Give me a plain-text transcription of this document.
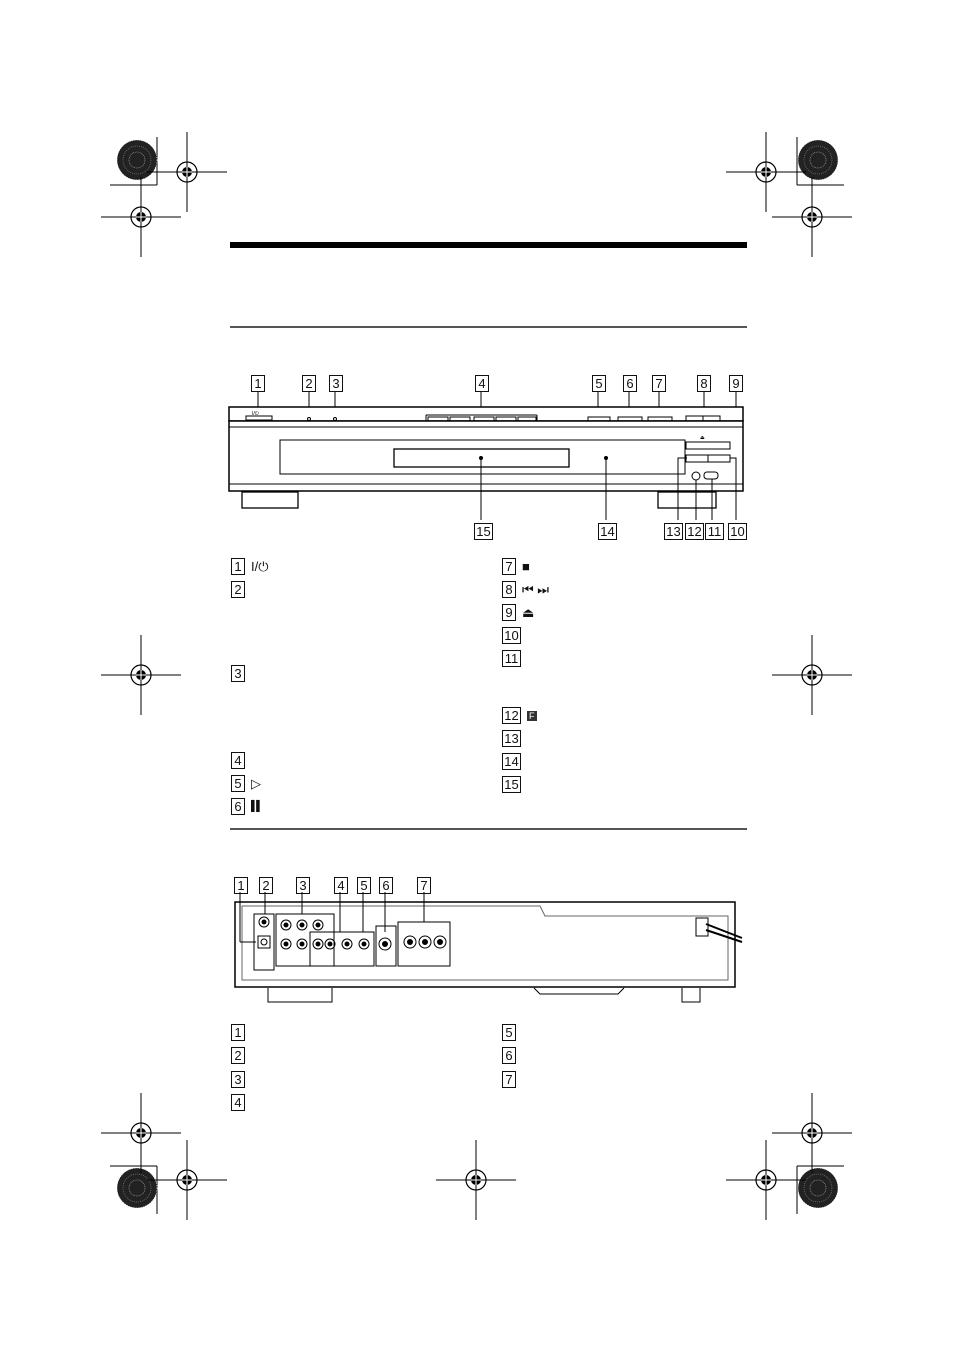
1	2 3	4	5 6 7	8 9
I/⏻
⏏
15	14	13 12 11 10
1 I/⏻
2
3
4
5 ▷
6 ▌▌
7 ■
8 ⏮ ⏭
9 ⏏
10
11
12 F
13
14
15
1 2 3 4 5 6 7
1
2
3
4
5
6
7
